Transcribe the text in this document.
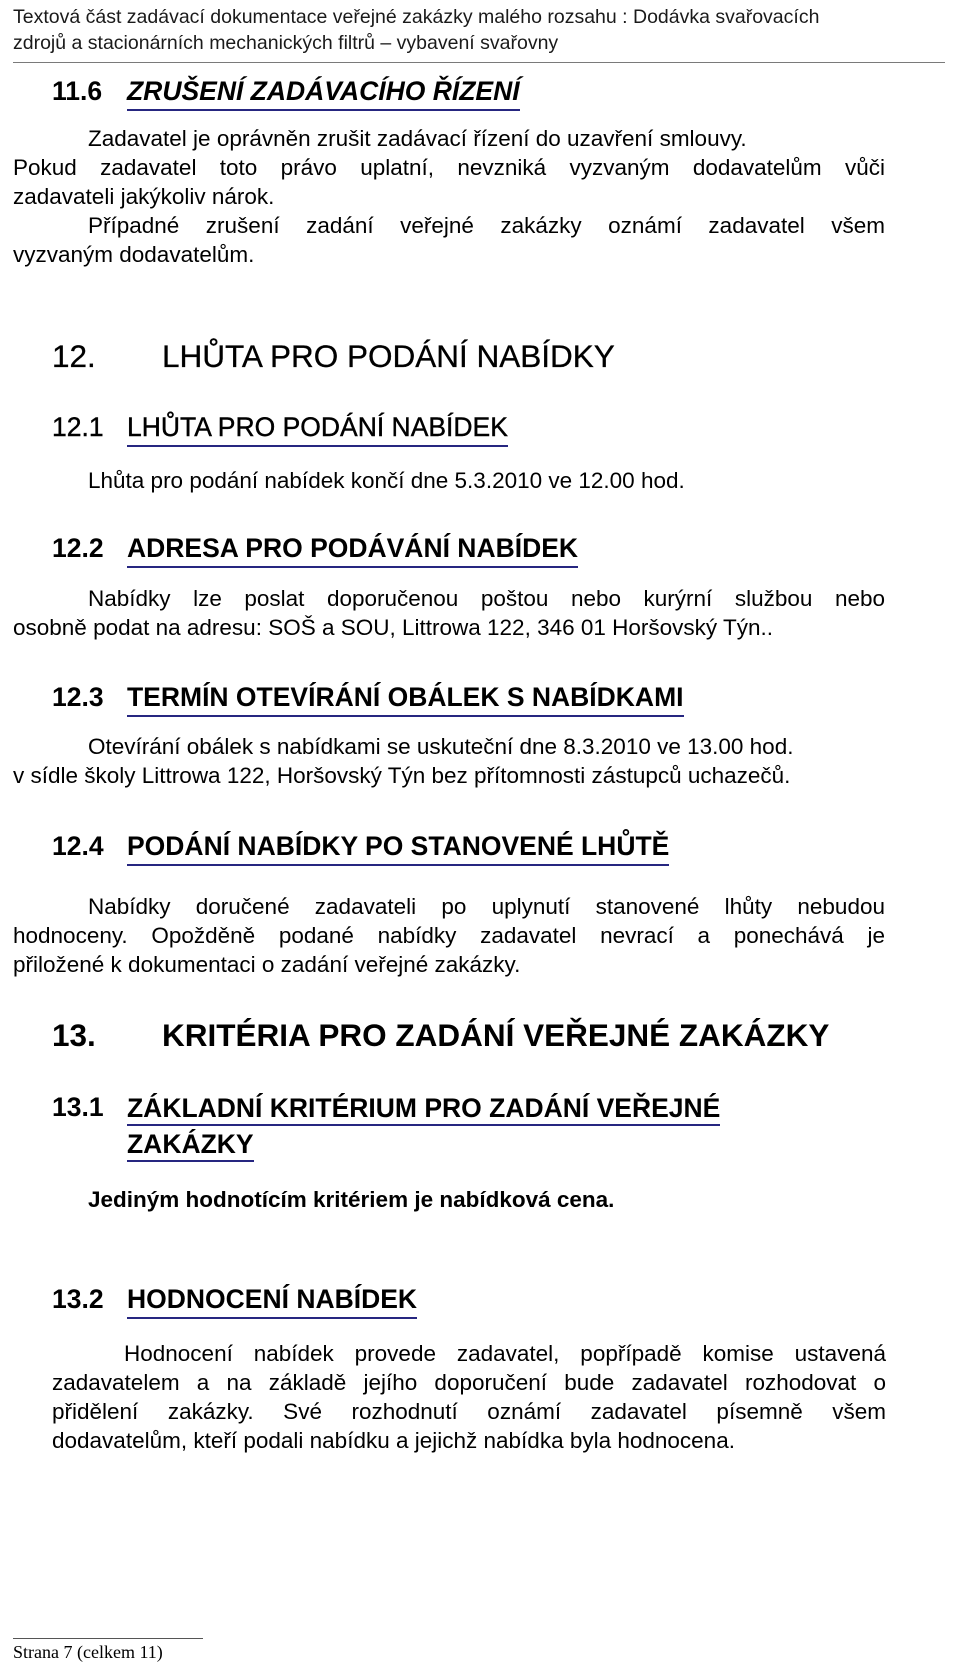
Textová část zadávací dokumentace veřejné zakázky malého rozsahu : Dodávka svařovacích
zdrojů a stacionárních mechanických filtrů – vybavení svařovny
11.6 ZRUŠENÍ ZADÁVACÍHO ŘÍZENÍ
Zadavatel je oprávněn zrušit zadávací řízení do uzavření smlouvy.
Pokud zadavatel toto právo uplatní, nevzniká vyzvaným dodavatelům vůči
zadavateli jakýkoliv nárok.
Případné zrušení zadání veřejné zakázky oznámí zadavatel všem
vyzvaným dodavatelům.
12. LHŮTA PRO PODÁNÍ NABÍDKY
12.1 LHŮTA PRO PODÁNÍ NABÍDEK
Lhůta pro podání nabídek končí dne 5.3.2010 ve 12.00 hod.
12.2 ADRESA PRO PODÁVÁNÍ NABÍDEK
Nabídky lze poslat doporučenou poštou nebo kurýrní službou nebo
osobně podat na adresu: SOŠ a SOU, Littrowa 122, 346 01 Horšovský Týn..
12.3 TERMÍN OTEVÍRÁNÍ OBÁLEK S NABÍDKAMI
Otevírání obálek s nabídkami se uskuteční dne 8.3.2010 ve 13.00 hod.
v sídle školy Littrowa 122, Horšovský Týn bez přítomnosti zástupců uchazečů.
12.4 PODÁNÍ NABÍDKY PO STANOVENÉ LHŮTĚ
Nabídky doručené zadavateli po uplynutí stanovené lhůty nebudou
hodnoceny. Opožděně podané nabídky zadavatel nevrací a ponechává je
přiložené k dokumentaci o zadání veřejné zakázky.
13. KRITÉRIA PRO ZADÁNÍ VEŘEJNÉ ZAKÁZKY
13.1 ZÁKLADNÍ KRITÉRIUM PRO ZADÁNÍ VEŘEJNÉ
ZAKÁZKY
Jediným hodnotícím kritériem je nabídková cena.
13.2 HODNOCENÍ NABÍDEK
Hodnocení nabídek provede zadavatel, popřípadě komise ustavená
zadavatelem a na základě jejího doporučení bude zadavatel rozhodovat o
přidělení zakázky. Své rozhodnutí oznámí zadavatel písemně všem
dodavatelům, kteří podali nabídku a jejichž nabídka byla hodnocena.
Strana 7 (celkem 11)
